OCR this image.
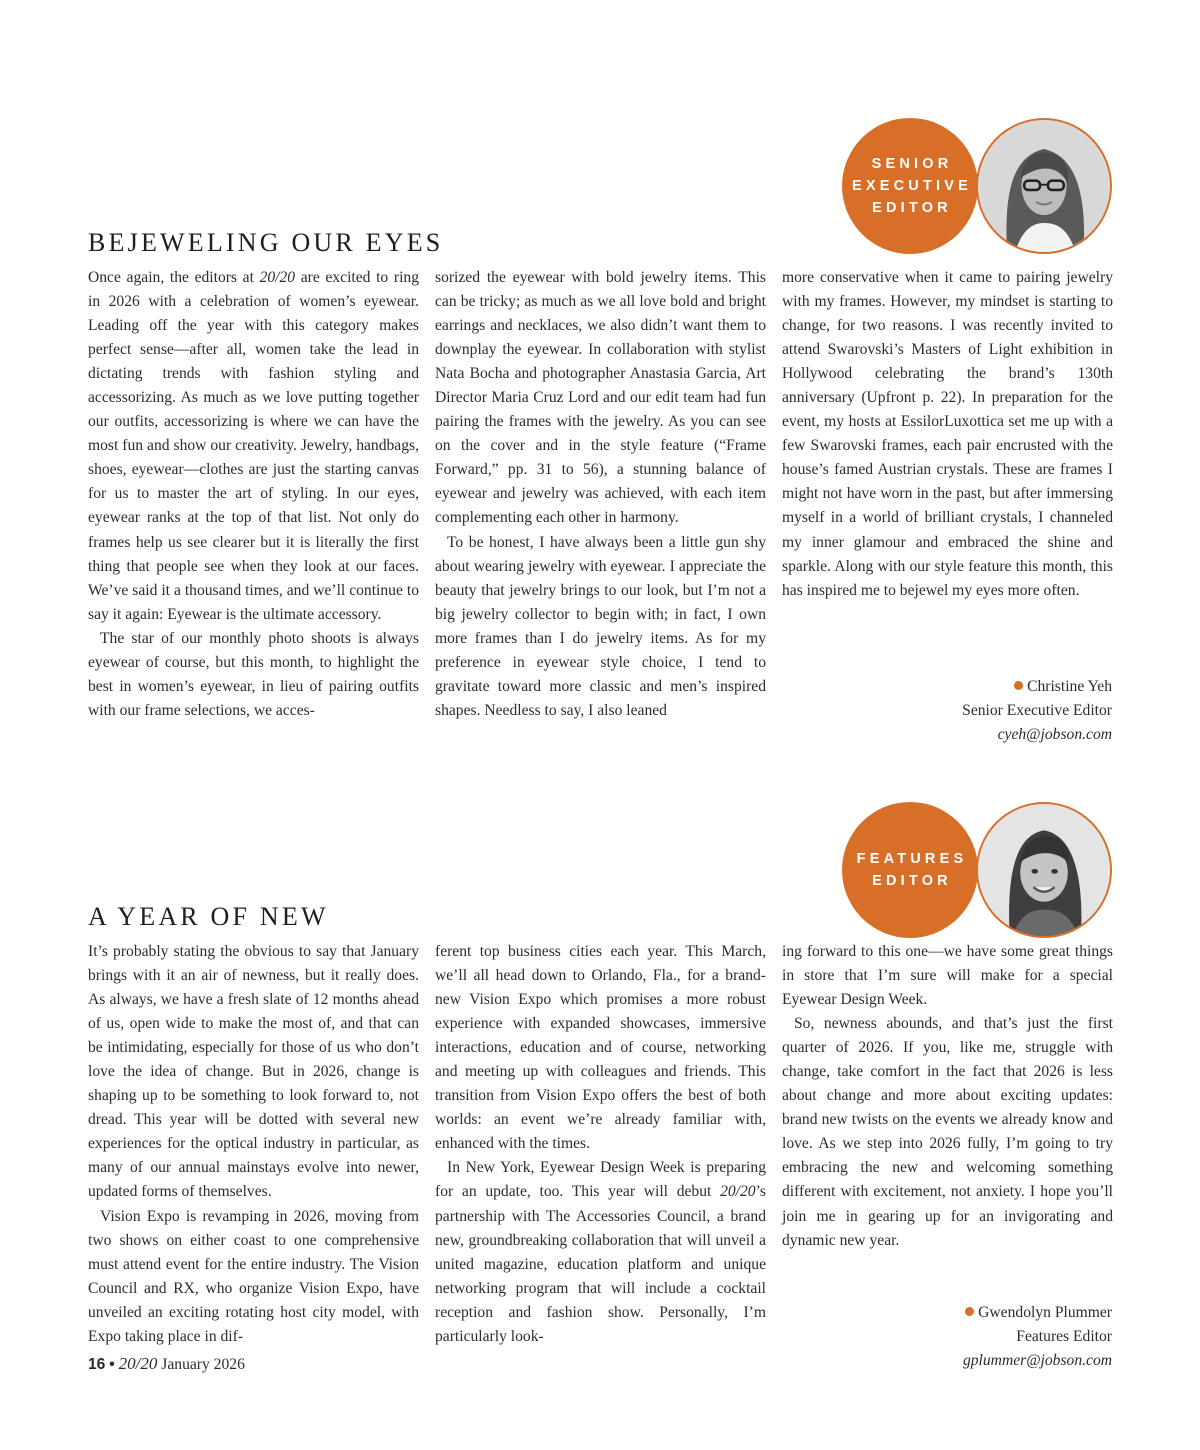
SENIOR
EXECUTIVE
EDITOR
BEJEWELING OUR EYES

Once again, the editors at 20/20 are excited to ring in 2026 with a celebration of women’s eyewear. Leading off the year with this category makes perfect sense—after all, women take the lead in dictating trends with fashion styling and accessorizing. As much as we love putting together our outfits, accessorizing is where we can have the most fun and show our creativity. Jewelry, handbags, shoes, eyewear—clothes are just the starting canvas for us to master the art of styling. In our eyes, eyewear ranks at the top of that list. Not only do frames help us see clearer but it is literally the first thing that people see when they look at our faces. We’ve said it a thousand times, and we’ll continue to say it again: Eyewear is the ultimate accessory.

The star of our monthly photo shoots is always eyewear of course, but this month, to highlight the best in women’s eyewear, in lieu of pairing outfits with our frame selections, we acces-

sorized the eyewear with bold jewelry items. This can be tricky; as much as we all love bold and bright earrings and necklaces, we also didn’t want them to downplay the eyewear. In collaboration with stylist Nata Bocha and photographer Anastasia Garcia, Art Director Maria Cruz Lord and our edit team had fun pairing the frames with the jewelry. As you can see on the cover and in the style feature (“Frame Forward,” pp. 31 to 56), a stunning balance of eyewear and jewelry was achieved, with each item complementing each other in harmony.

To be honest, I have always been a little gun shy about wearing jewelry with eyewear. I appreciate the beauty that jewelry brings to our look, but I’m not a big jewelry collector to begin with; in fact, I own more frames than I do jewelry items. As for my preference in eyewear style choice, I tend to gravitate toward more classic and men’s inspired shapes. Needless to say, I also leaned

more conservative when it came to pairing jewelry with my frames. However, my mindset is starting to change, for two reasons. I was recently invited to attend Swarovski’s Masters of Light exhibition in Hollywood celebrating the brand’s 130th anniversary (Upfront p. 22). In preparation for the event, my hosts at EssilorLuxottica set me up with a few Swarovski frames, each pair encrusted with the house’s famed Austrian crystals. These are frames I might not have worn in the past, but after immersing myself in a world of brilliant crystals, I channeled my inner glamour and embraced the shine and sparkle. Along with our style feature this month, this has inspired me to bejewel my eyes more often.

Christine Yeh
Senior Executive Editor
cyeh@jobson.com
FEATURES
EDITOR
A YEAR OF NEW

It’s probably stating the obvious to say that January brings with it an air of newness, but it really does. As always, we have a fresh slate of 12 months ahead of us, open wide to make the most of, and that can be intimidating, especially for those of us who don’t love the idea of change. But in 2026, change is shaping up to be something to look forward to, not dread. This year will be dotted with several new experiences for the optical industry in particular, as many of our annual mainstays evolve into newer, updated forms of themselves.

Vision Expo is revamping in 2026, moving from two shows on either coast to one comprehensive must attend event for the entire industry. The Vision Council and RX, who organize Vision Expo, have unveiled an exciting rotating host city model, with Expo taking place in dif-

ferent top business cities each year. This March, we’ll all head down to Orlando, Fla., for a brand-new Vision Expo which promises a more robust experience with expanded showcases, immersive interactions, education and of course, networking and meeting up with colleagues and friends. This transition from Vision Expo offers the best of both worlds: an event we’re already familiar with, enhanced with the times.

In New York, Eyewear Design Week is preparing for an update, too. This year will debut 20/20’s partnership with The Accessories Council, a brand new, groundbreaking collaboration that will unveil a united magazine, education platform and unique networking program that will include a cocktail reception and fashion show. Personally, I’m particularly look-

ing forward to this one—we have some great things in store that I’m sure will make for a special Eyewear Design Week.

So, newness abounds, and that’s just the first quarter of 2026. If you, like me, struggle with change, take comfort in the fact that 2026 is less about change and more about exciting updates: brand new twists on the events we already know and love. As we step into 2026 fully, I’m going to try embracing the new and welcoming something different with excitement, not anxiety. I hope you’ll join me in gearing up for an invigorating and dynamic new year.

Gwendolyn Plummer
Features Editor
gplummer@jobson.com
16 • 20/20 January 2026
